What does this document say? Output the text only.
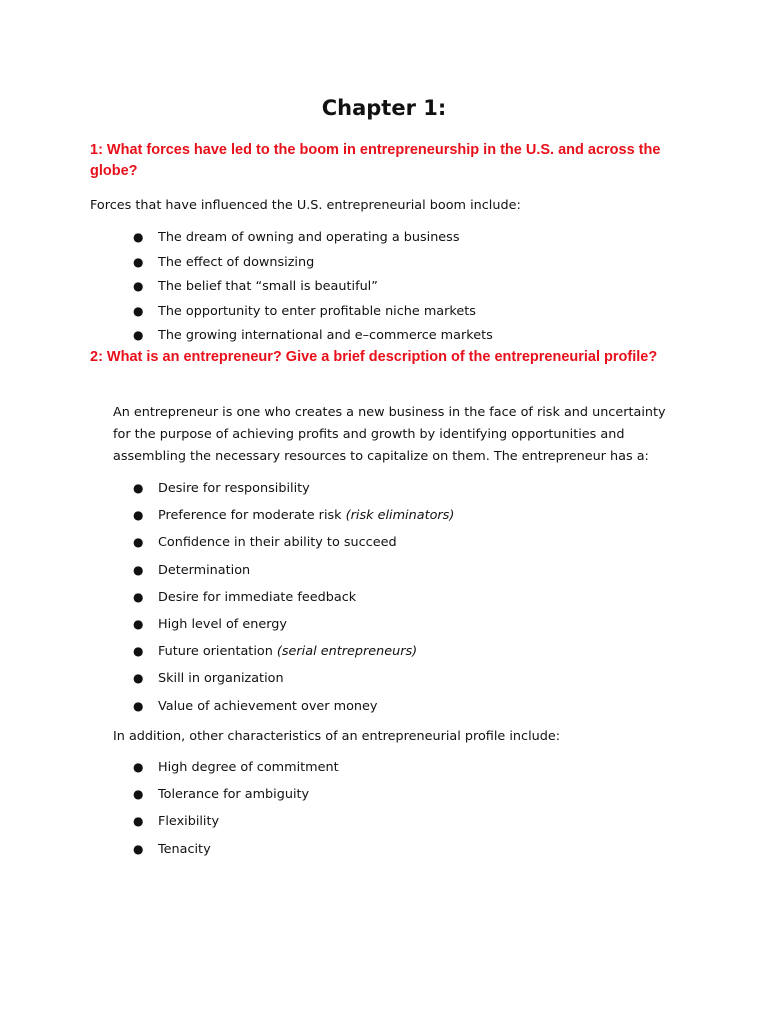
Chapter 1:

1: What forces have led to the boom in entrepreneurship in the U.S. and across the globe?

Forces that have influenced the U.S. entrepreneurial boom include:

● The dream of owning and operating a business
● The effect of downsizing
● The belief that “small is beautiful”
● The opportunity to enter profitable niche markets
● The growing international and e–commerce markets

2: What is an entrepreneur? Give a brief description of the entrepreneurial profile?

An entrepreneur is one who creates a new business in the face of risk and uncertainty for the purpose of achieving profits and growth by identifying opportunities and assembling the necessary resources to capitalize on them. The entrepreneur has a:

● Desire for responsibility
● Preference for moderate risk (risk eliminators)
● Confidence in their ability to succeed
● Determination
● Desire for immediate feedback
● High level of energy
● Future orientation (serial entrepreneurs)
● Skill in organization
● Value of achievement over money

In addition, other characteristics of an entrepreneurial profile include:

● High degree of commitment
● Tolerance for ambiguity
● Flexibility
● Tenacity
